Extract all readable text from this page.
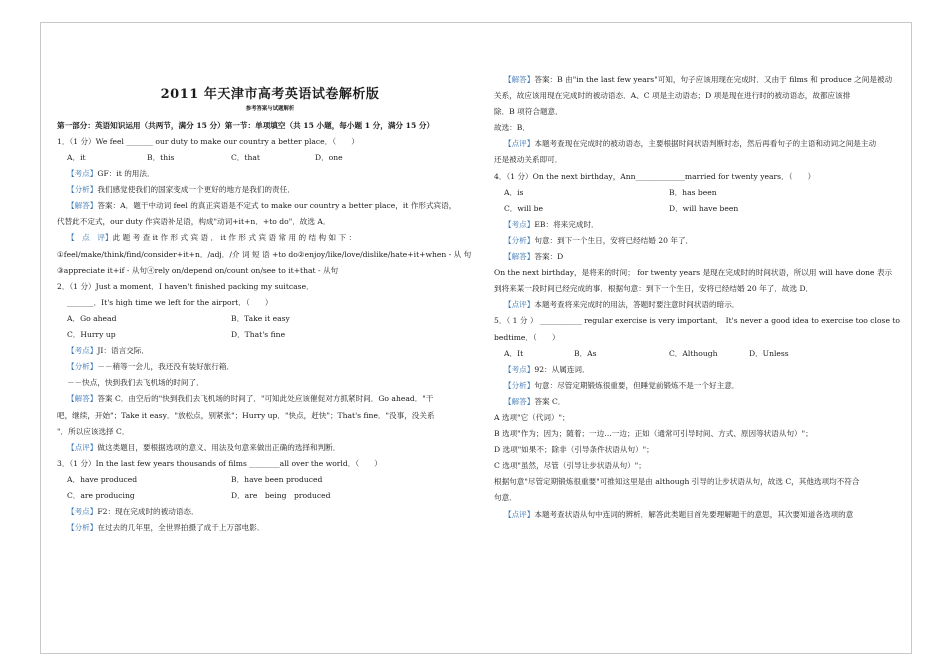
2011 年天津市高考英语试卷解析版
参考答案与试题解析
第一部分：英语知识运用（共两节，满分 15 分）第一节：单项填空（共 15 小题，每小题 1 分，满分 15 分）
1．（1 分）We feel _______ our duty to make our country a better place．（　　）
A．it	B．this	C．that	D．one
【考点】GF：it 的用法．
【分析】我们感觉使我们的国家变成一个更好的地方是我们的责任．
【解答】答案：A．题干中动词 feel 的真正宾语是不定式 to make our country a better place，it 作形式宾语，
代替此不定式，our duty 作宾语补足语，构成"动词+it+n．+to do"．故选 A．
【　点　评】此 题 考 查 it 作 形 式 宾 语 ． it 作 形 式 宾 语 常 用 的 结 构 如 下 ：
①feel/make/think/find/consider+it+n．/adj．/介 词 短 语 +to do②enjoy/like/love/dislike/hate+it+when - 从 句
③appreciate it+if - 从句④rely on/depend on/count on/see to it+that - 从句
2．（1 分）Just a moment．I haven't finished packing my suitcase．
_______．It's high time we left for the airport．（　　）
A．Go ahead	B．Take it easy
C．Hurry up	D．That's fine
【考点】JI：语言交际．
【分析】－－稍等一会儿，我还没有装好旅行箱．
－－快点，快到我们去飞机场的时间了．
【解答】答案 C．由空后的"快到我们去飞机场的时间了．"可知此处应该催促对方抓紧时间．Go ahead．"干
吧，继续，开始"；Take it easy．"放松点，别紧张"；Hurry up．"快点，赶快"；That's fine．"没事，没关系
"．所以应该选择 C．
【点评】做这类题目，要根据选项的意义、用法及句意来做出正确的选择和判断．
3．（1 分）In the last few years thousands of films ________all over the world．（　　）
A．have produced	B．have been produced
C．are producing	D．are　being　produced
【考点】F2：现在完成时的被动语态．
【分析】在过去的几年里，全世界拍摄了成千上万部电影．
【解答】答案：B 由"in the last few years"可知，句子应该用现在完成时．又由于 films 和 produce 之间是被动
关系，故应该用现在完成时的被动语态．A、C 项是主动语态；D 项是现在进行时的被动语态，故都应该排
除．B 项符合题意．
故选：B．
【点评】本题考查现在完成时的被动语态，主要根据时间状语判断时态，然后再看句子的主语和动词之间是主动
还是被动关系即可．
4．（1 分）On the next birthday，Ann_____________married for twenty years．（　　）
A．is	B．has been
C．will be	D．will have been
【考点】EB：将来完成时．
【分析】句意：到下一个生日，安将已经结婚 20 年了．
【解答】答案：D
On the next birthday，是将来的时间； for twenty years 是现在完成时的时间状语，所以用 will have done 表示
到将来某一段时间已经完成的事．根据句意：到下一个生日，安将已经结婚 20 年了．故选 D．
【点评】本题考查将来完成时的用法，答题时要注意时间状语的暗示．
5．（ 1 分 ） ___________ regular exercise is very important． It's never a good idea to exercise too close to
bedtime．（　　）
A．It	B．As	C．Although	D．Unless
【考点】92：从属连词．
【分析】句意：尽管定期锻炼很重要，但睡觉前锻炼不是一个好主意．
【解答】答案 C．
A 选项"它（代词）"；
B 选项"作为；因为；随着；一边…一边；正如（通常可引导时间、方式、原因等状语从句）"；
D 选项"如果不；除非（引导条件状语从句）"；
C 选项"虽然，尽管（引导让步状语从句）"；
根据句意"尽管定期锻炼很重要"可推知这里是由 although 引导的让步状语从句，故选 C，其他选项均不符合
句意．
【点评】本题考查状语从句中连词的辨析．解答此类题目首先要理解题干的意思，其次要知道各选项的意
